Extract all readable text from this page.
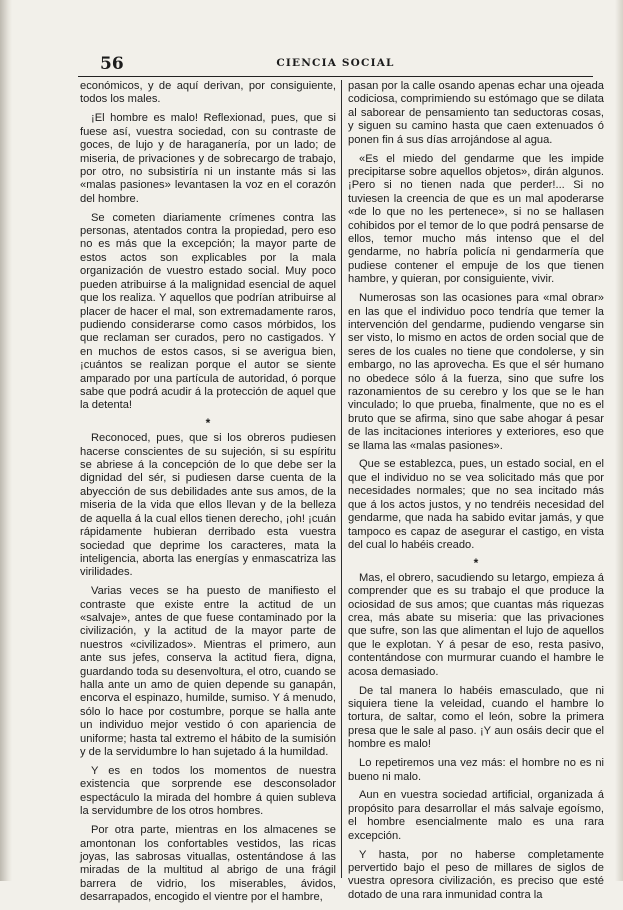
56	CIENCIA SOCIAL

económicos, y de aquí derivan, por consiguiente, todos los males.

¡El hombre es malo! Reflexionad, pues, que si fuese así, vuestra sociedad, con su contraste de goces, de lujo y de haraganería, por un lado; de miseria, de privaciones y de sobrecargo de trabajo, por otro, no subsistiría ni un instante más si las «malas pasiones» levantasen la voz en el corazón del hombre.

Se cometen diariamente crímenes contra las personas, atentados contra la propiedad, pero eso no es más que la excepción; la mayor parte de estos actos son explicables por la mala organización de vuestro estado social. Muy poco pueden atribuirse á la malignidad esencial de aquel que los realiza. Y aquellos que podrían atribuirse al placer de hacer el mal, son extremadamente raros, pudiendo considerarse como casos mórbidos, los que reclaman ser curados, pero no castigados. Y en muchos de estos casos, si se averigua bien, ¡cuántos se realizan porque el autor se siente amparado por una partícula de autoridad, ó porque sabe que podrá acudir á la protección de aquel que la detenta!

*

Reconoced, pues, que si los obreros pudiesen hacerse conscientes de su sujeción, si su espíritu se abriese á la concepción de lo que debe ser la dignidad del sér, si pudiesen darse cuenta de la abyección de sus debilidades ante sus amos, de la miseria de la vida que ellos llevan y de la belleza de aquella á la cual ellos tienen derecho, ¡oh! ¡cuán rápidamente hubieran derribado esta vuestra sociedad que deprime los caracteres, mata la inteligencia, aborta las energías y enmascatriza las virilidades.

Varias veces se ha puesto de manifiesto el contraste que existe entre la actitud de un «salvaje», antes de que fuese contaminado por la civilización, y la actitud de la mayor parte de nuestros «civilizados». Mientras el primero, aun ante sus jefes, conserva la actitud fiera, digna, guardando toda su desenvoltura, el otro, cuando se halla ante un amo de quien depende su ganapán, encorva el espinazo, humilde, sumiso. Y á menudo, sólo lo hace por costumbre, porque se halla ante un individuo mejor vestido ó con apariencia de uniforme; hasta tal extremo el hábito de la sumisión y de la servidumbre lo han sujetado á la humildad.

Y es en todos los momentos de nuestra existencia que sorprende ese desconsolador espectáculo la mirada del hombre á quien subleva la servidumbre de los otros hombres.

Por otra parte, mientras en los almacenes se amontonan los confortables vestidos, las ricas joyas, las sabrosas vituallas, ostentándose á las miradas de la multitud al abrigo de una frágil barrera de vidrio, los miserables, ávidos, desarrapados, encogido el vientre por el hambre,

pasan por la calle osando apenas echar una ojeada codiciosa, comprimiendo su estómago que se dilata al saborear de pensamiento tan seductoras cosas, y siguen su camino hasta que caen extenuados ó ponen fin á sus días arrojándose al agua.

«Es el miedo del gendarme que les impide precipitarse sobre aquellos objetos», dirán algunos. ¡Pero si no tienen nada que perder!... Si no tuviesen la creencia de que es un mal apoderarse «de lo que no les pertenece», si no se hallasen cohibidos por el temor de lo que podrá pensarse de ellos, temor mucho más intenso que el del gendarme, no habría policía ni gendarmería que pudiese contener el empuje de los que tienen hambre, y quieran, por consiguiente, vivir.

Numerosas son las ocasiones para «mal obrar» en las que el individuo poco tendría que temer la intervención del gendarme, pudiendo vengarse sin ser visto, lo mismo en actos de orden social que de seres de los cuales no tiene que condolerse, y sin embargo, no las aprovecha. Es que el sér humano no obedece sólo á la fuerza, sino que sufre los razonamientos de su cerebro y los que se le han vinculado; lo que prueba, finalmente, que no es el bruto que se afirma, sino que sabe ahogar á pesar de las incitaciones interiores y exteriores, eso que se llama las «malas pasiones».

Que se establezca, pues, un estado social, en el que el individuo no se vea solicitado más que por necesidades normales; que no sea incitado más que á los actos justos, y no tendréis necesidad del gendarme, que nada ha sabido evitar jamás, y que tampoco es capaz de asegurar el castigo, en vista del cual lo habéis creado.

*

Mas, el obrero, sacudiendo su letargo, empieza á comprender que es su trabajo el que produce la ociosidad de sus amos; que cuantas más riquezas crea, más abate su miseria: que las privaciones que sufre, son las que alimentan el lujo de aquellos que le explotan. Y á pesar de eso, resta pasivo, contentándose con murmurar cuando el hambre le acosa demasiado.

De tal manera lo habéis emasculado, que ni siquiera tiene la veleidad, cuando el hambre lo tortura, de saltar, como el león, sobre la primera presa que le sale al paso. ¡Y aun osáis decir que el hombre es malo!

Lo repetiremos una vez más: el hombre no es ni bueno ni malo.

Aun en vuestra sociedad artificial, organizada á propósito para desarrollar el más salvaje egoísmo, el hombre esencialmente malo es una rara excepción.

Y hasta, por no haberse completamente pervertido bajo el peso de millares de siglos de vuestra opresora civilización, es preciso que esté dotado de una rara inmunidad contra la
